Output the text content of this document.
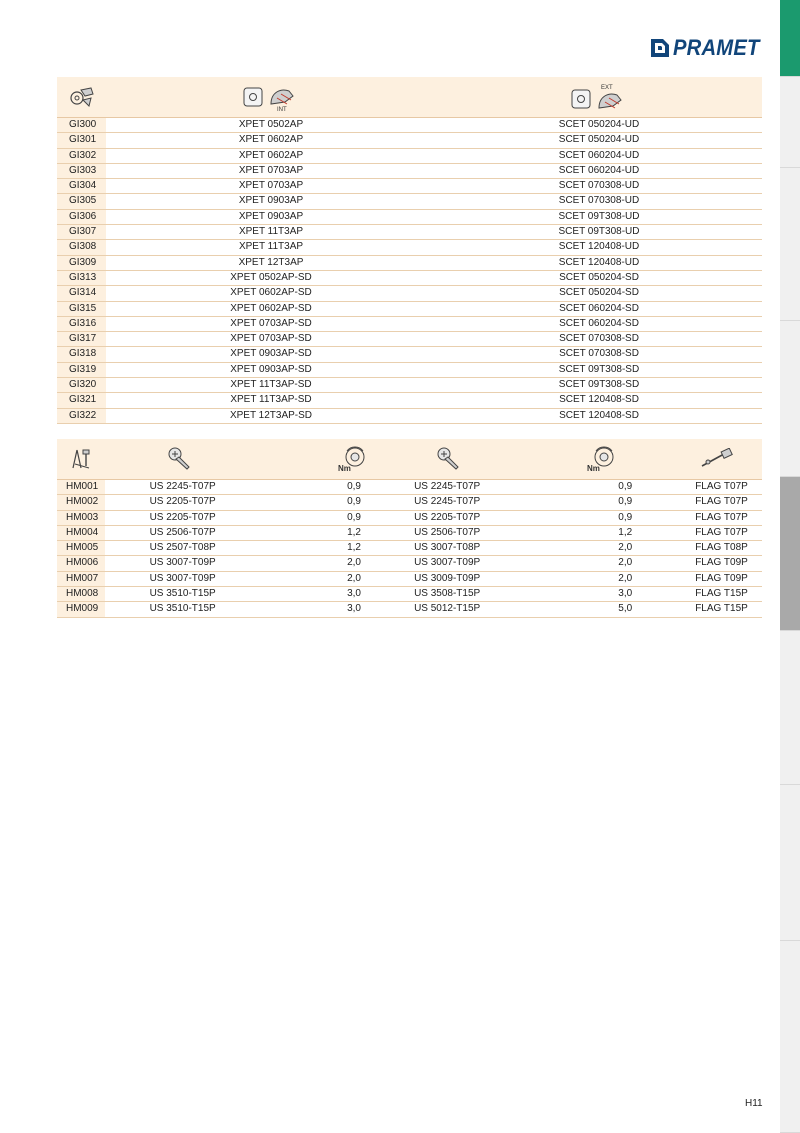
PRAMET

INT	EXT

GI300	XPET 0502AP	SCET 050204-UD
GI301	XPET 0602AP	SCET 050204-UD
GI302	XPET 0602AP	SCET 060204-UD
GI303	XPET 0703AP	SCET 060204-UD
GI304	XPET 0703AP	SCET 070308-UD
GI305	XPET 0903AP	SCET 070308-UD
GI306	XPET 0903AP	SCET 09T308-UD
GI307	XPET 11T3AP	SCET 09T308-UD
GI308	XPET 11T3AP	SCET 120408-UD
GI309	XPET 12T3AP	SCET 120408-UD
GI313	XPET 0502AP-SD	SCET 050204-SD
GI314	XPET 0602AP-SD	SCET 050204-SD
GI315	XPET 0602AP-SD	SCET 060204-SD
GI316	XPET 0703AP-SD	SCET 060204-SD
GI317	XPET 0703AP-SD	SCET 070308-SD
GI318	XPET 0903AP-SD	SCET 070308-SD
GI319	XPET 0903AP-SD	SCET 09T308-SD
GI320	XPET 11T3AP-SD	SCET 09T308-SD
GI321	XPET 11T3AP-SD	SCET 120408-SD
GI322	XPET 12T3AP-SD	SCET 120408-SD

Nm		Nm

HM001	US 2245-T07P	0,9	US 2245-T07P	0,9	FLAG T07P
HM002	US 2205-T07P	0,9	US 2245-T07P	0,9	FLAG T07P
HM003	US 2205-T07P	0,9	US 2205-T07P	0,9	FLAG T07P
HM004	US 2506-T07P	1,2	US 2506-T07P	1,2	FLAG T07P
HM005	US 2507-T08P	1,2	US 3007-T08P	2,0	FLAG T08P
HM006	US 3007-T09P	2,0	US 3007-T09P	2,0	FLAG T09P
HM007	US 3007-T09P	2,0	US 3009-T09P	2,0	FLAG T09P
HM008	US 3510-T15P	3,0	US 3508-T15P	3,0	FLAG T15P
HM009	US 3510-T15P	3,0	US 5012-T15P	5,0	FLAG T15P
H11
